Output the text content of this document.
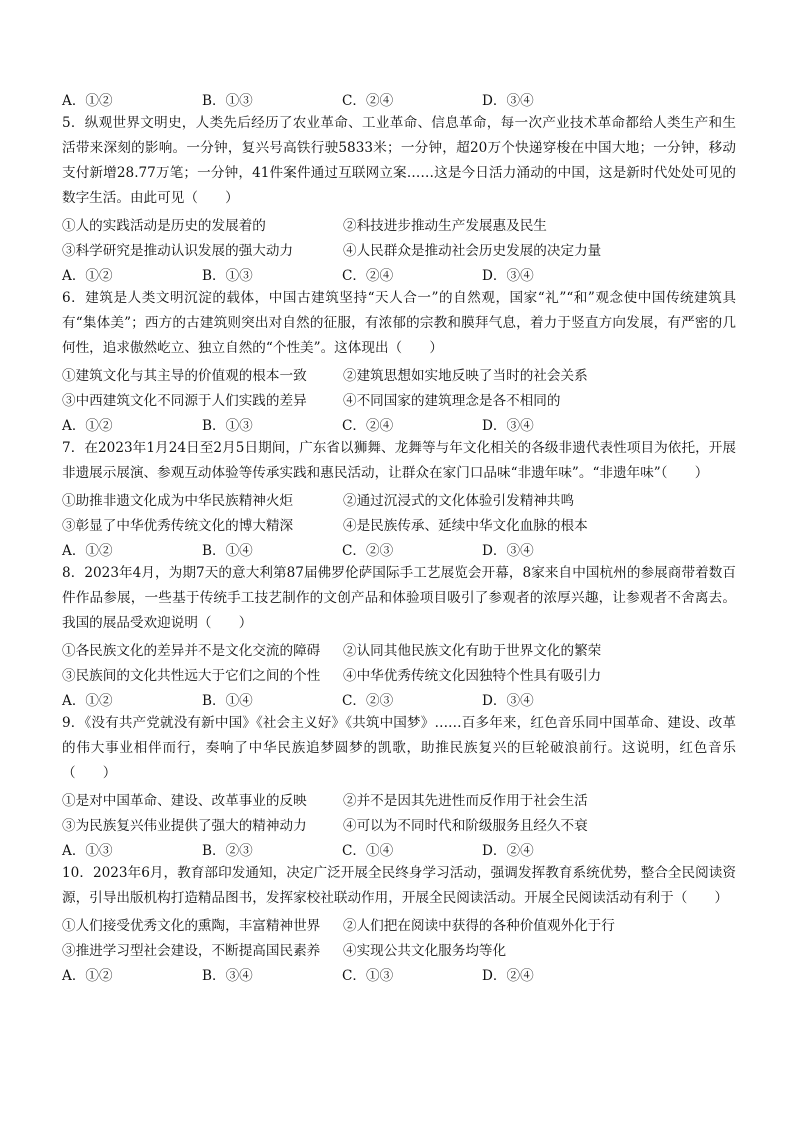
A．①②	B．①③	C．②④	D．③④

5．纵观世界文明史，人类先后经历了农业革命、工业革命、信息革命，每一次产业技术革命都给人类生产和生活带来深刻的影响。一分钟，复兴号高铁行驶5833米；一分钟，超20万个快递穿梭在中国大地；一分钟，移动支付新增28.77万笔；一分钟，41件案件通过互联网立案……这是今日活力涌动的中国，这是新时代处处可见的数字生活。由此可见（　　）

①人的实践活动是历史的发展着的	②科技进步推动生产发展惠及民生
③科学研究是推动认识发展的强大动力	④人民群众是推动社会历史发展的决定力量
A．①②	B．①③	C．②④	D．③④

6．建筑是人类文明沉淀的载体，中国古建筑坚持“天人合一”的自然观，国家“礼”“和”观念使中国传统建筑具有“集体美”；西方的古建筑则突出对自然的征服，有浓郁的宗教和膜拜气息，着力于竖直方向发展，有严密的几何性，追求傲然屹立、独立自然的“个性美”。这体现出（　　）

①建筑文化与其主导的价值观的根本一致	②建筑思想如实地反映了当时的社会关系
③中西建筑文化不同源于人们实践的差异	④不同国家的建筑理念是各不相同的
A．①②	B．①③	C．②④	D．③④

7．在2023年1月24日至2月5日期间，广东省以狮舞、龙舞等与年文化相关的各级非遗代表性项目为依托，开展非遗展示展演、参观互动体验等传承实践和惠民活动，让群众在家门口品味“非遗年味”。“非遗年味”（　　）

①助推非遗文化成为中华民族精神火炬	②通过沉浸式的文化体验引发精神共鸣
③彰显了中华优秀传统文化的博大精深	④是民族传承、延续中华文化血脉的根本
A．①②	B．①④	C．②③	D．③④

8．2023年4月，为期7天的意大利第87届佛罗伦萨国际手工艺展览会开幕，8家来自中国杭州的参展商带着数百件作品参展，一些基于传统手工技艺制作的文创产品和体验项目吸引了参观者的浓厚兴趣，让参观者不舍离去。我国的展品受欢迎说明（　　）

①各民族文化的差异并不是文化交流的障碍	②认同其他民族文化有助于世界文化的繁荣
③民族间的文化共性远大于它们之间的个性	④中华优秀传统文化因独特个性具有吸引力
A．①②	B．①④	C．②③	D．③④

9．《没有共产党就没有新中国》《社会主义好》《共筑中国梦》……百多年来，红色音乐同中国革命、建设、改革的伟大事业相伴而行，奏响了中华民族追梦圆梦的凯歌，助推民族复兴的巨轮破浪前行。这说明，红色音乐（　　）

①是对中国革命、建设、改革事业的反映	②并不是因其先进性而反作用于社会生活
③为民族复兴伟业提供了强大的精神动力	④可以为不同时代和阶级服务且经久不衰
A．①③	B．②③	C．①④	D．②④

10．2023年6月，教育部印发通知，决定广泛开展全民终身学习活动，强调发挥教育系统优势，整合全民阅读资源，引导出版机构打造精品图书，发挥家校社联动作用，开展全民阅读活动。开展全民阅读活动有利于（　　）

①人们接受优秀文化的熏陶，丰富精神世界	②人们把在阅读中获得的各种价值观外化于行
③推进学习型社会建设，不断提高国民素养	④实现公共文化服务均等化
A．①②	B．③④	C．①③	D．②④
